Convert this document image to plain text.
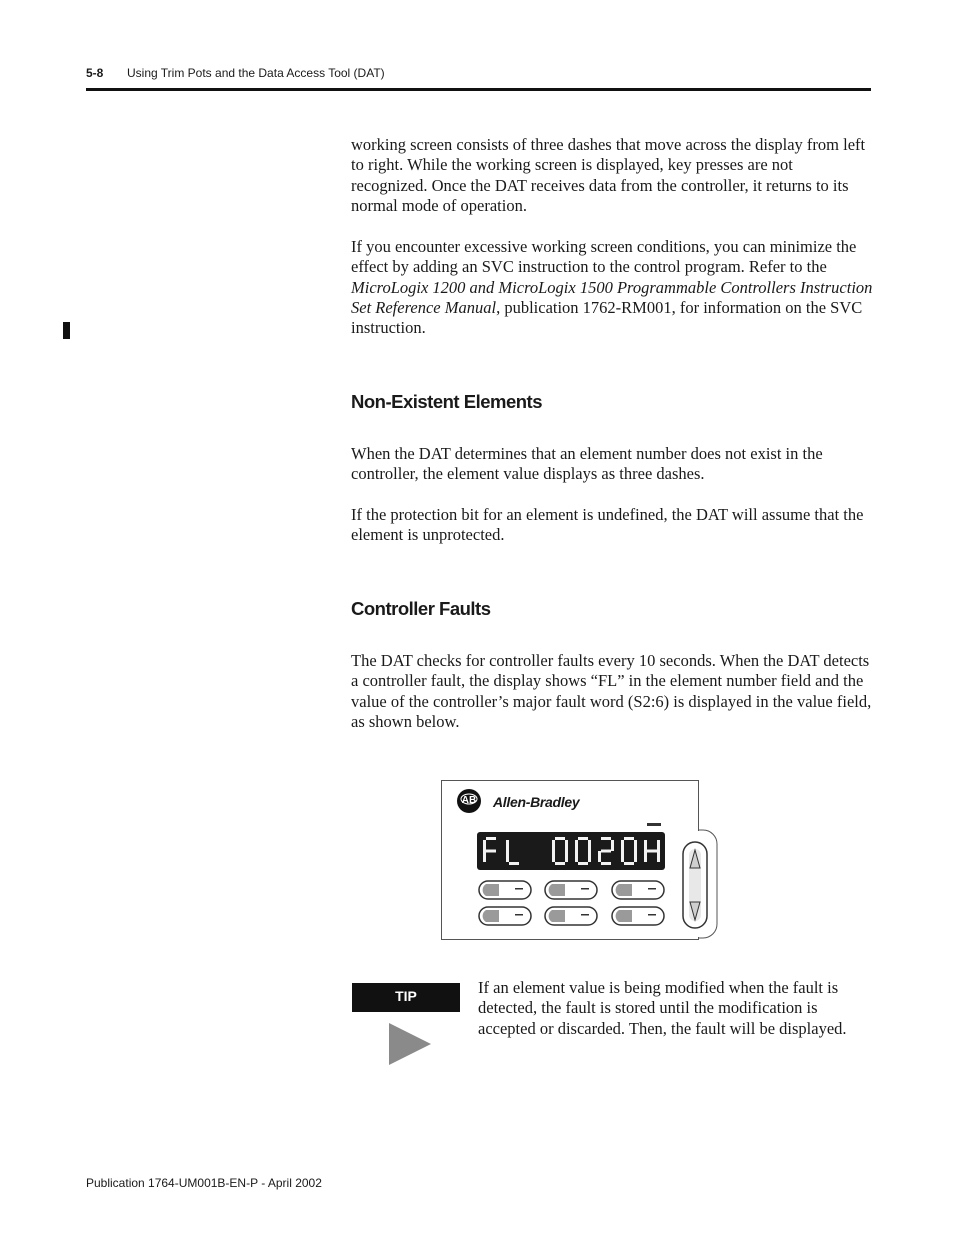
5-8 Using Trim Pots and the Data Access Tool (DAT)

working screen consists of three dashes that move across the display from left to right. While the working screen is displayed, key presses are not recognized. Once the DAT receives data from the controller, it returns to its normal mode of operation.

If you encounter excessive working screen conditions, you can minimize the effect by adding an SVC instruction to the control program. Refer to the MicroLogix 1200 and MicroLogix 1500 Programmable Controllers Instruction Set Reference Manual, publication 1762-RM001, for information on the SVC instruction.

Non-Existent Elements

When the DAT determines that an element number does not exist in the controller, the element value displays as three dashes.

If the protection bit for an element is undefined, the DAT will assume that the element is unprotected.

Controller Faults

The DAT checks for controller faults every 10 seconds. When the DAT detects a controller fault, the display shows “FL” in the element number field and the value of the controller’s major fault word (S2:6) is displayed in the value field, as shown below.

AB Allen-Bradley
TIP	If an element value is being modified when the fault is detected, the fault is stored until the modification is accepted or discarded. Then, the fault will be displayed.
Publication 1764-UM001B-EN-P - April 2002
